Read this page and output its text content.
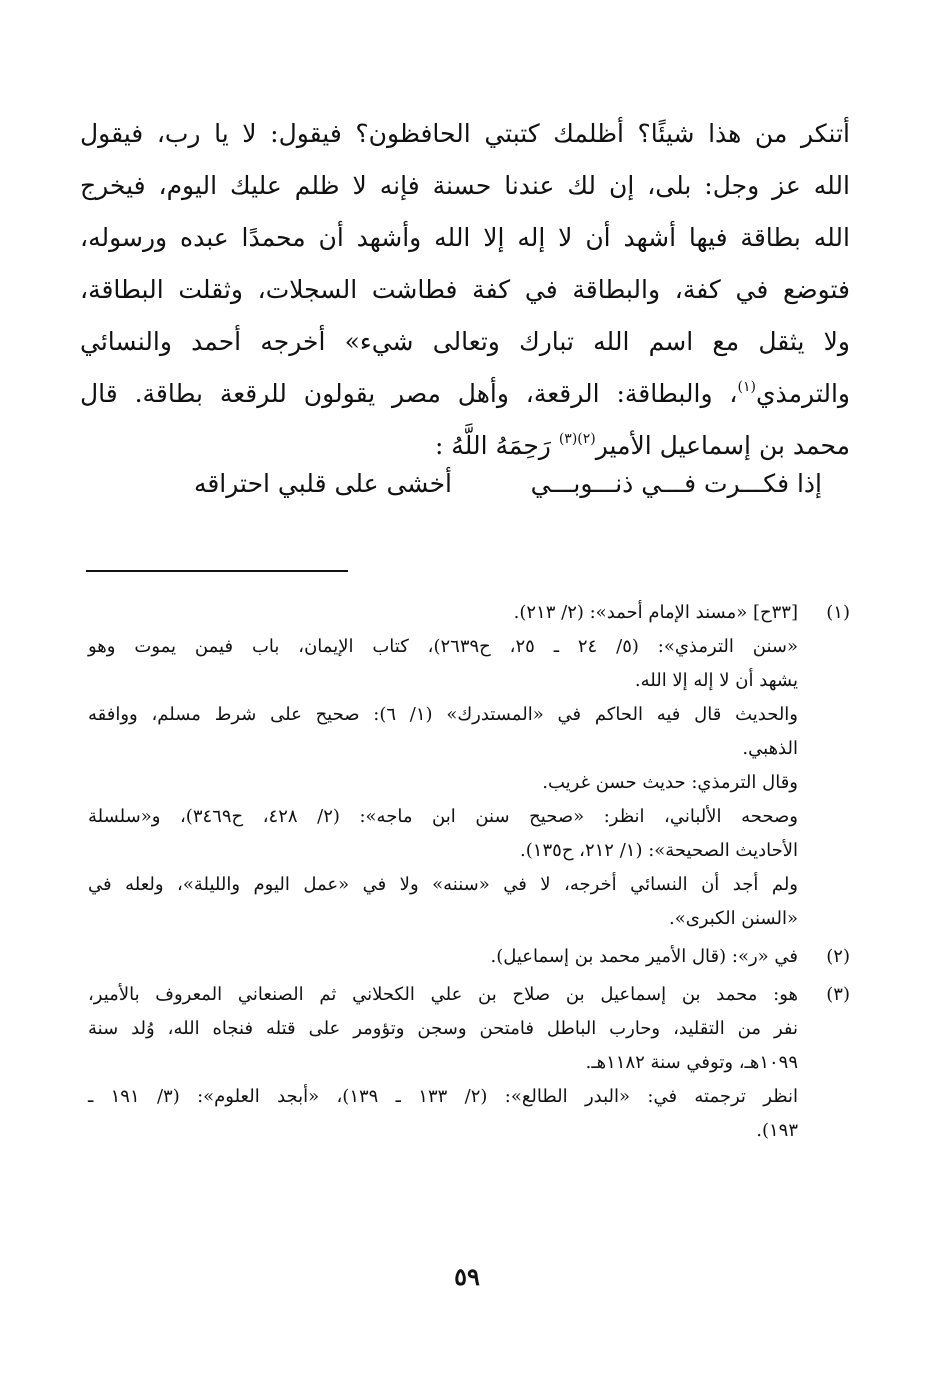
أتنكر من هذا شيئًا؟ أظلمك كتبتي الحافظون؟ فيقول: لا يا رب، فيقول
الله عز وجل: بلى، إن لك عندنا حسنة فإنه لا ظلم عليك اليوم، فيخرج
الله بطاقة فيها أشهد أن لا إله إلا الله وأشهد أن محمدًا عبده ورسوله،
فتوضع في كفة، والبطاقة في كفة فطاشت السجلات، وثقلت البطاقة،
ولا يثقل مع اسم الله تبارك وتعالى شيء» أخرجه أحمد والنسائي
والترمذي$^{(١)}$، والبطاقة: الرقعة، وأهل مصر يقولون للرقعة بطاقة. قال
محمد بن إسماعيل الأمير$^{(٢)(٣)}$ رَحِمَهُ اللَّهُ :
إذا فكـــرت فـــي ذنـــوبـــي
أخشى على قلبي احتراقه
(١)
[٣٣ح] «مسند الإمام أحمد»: (٢/ ٢١٣).
«سنن الترمذي»: (٥/ ٢٤ ـ ٢٥، ح٢٦٣٩)، كتاب الإيمان، باب فيمن يموت وهو
يشهد أن لا إله إلا الله.
والحديث قال فيه الحاكم في «المستدرك» (١/ ٦): صحيح على شرط مسلم، ووافقه
الذهبي.
وقال الترمذي: حديث حسن غريب.
وصححه الألباني، انظر: «صحيح سنن ابن ماجه»: (٢/ ٤٢٨، ح٣٤٦٩)، و«سلسلة
الأحاديث الصحيحة»: (١/ ٢١٢، ح١٣٥).
ولم أجد أن النسائي أخرجه، لا في «سننه» ولا في «عمل اليوم والليلة»، ولعله في
«السنن الكبرى».
(٢)
في «ر»: (قال الأمير محمد بن إسماعيل).
(٣)
هو: محمد بن إسماعيل بن صلاح بن علي الكحلاني ثم الصنعاني المعروف بالأمير،
نفر من التقليد، وحارب الباطل فامتحن وسجن وتؤومر على قتله فنجاه الله، وُلد سنة
١٠٩٩هـ، وتوفي سنة ١١٨٢هـ.
انظر ترجمته في: «البدر الطالع»: (٢/ ١٣٣ ـ ١٣٩)، «أبجد العلوم»: (٣/ ١٩١ ـ
١٩٣).
٥٩
